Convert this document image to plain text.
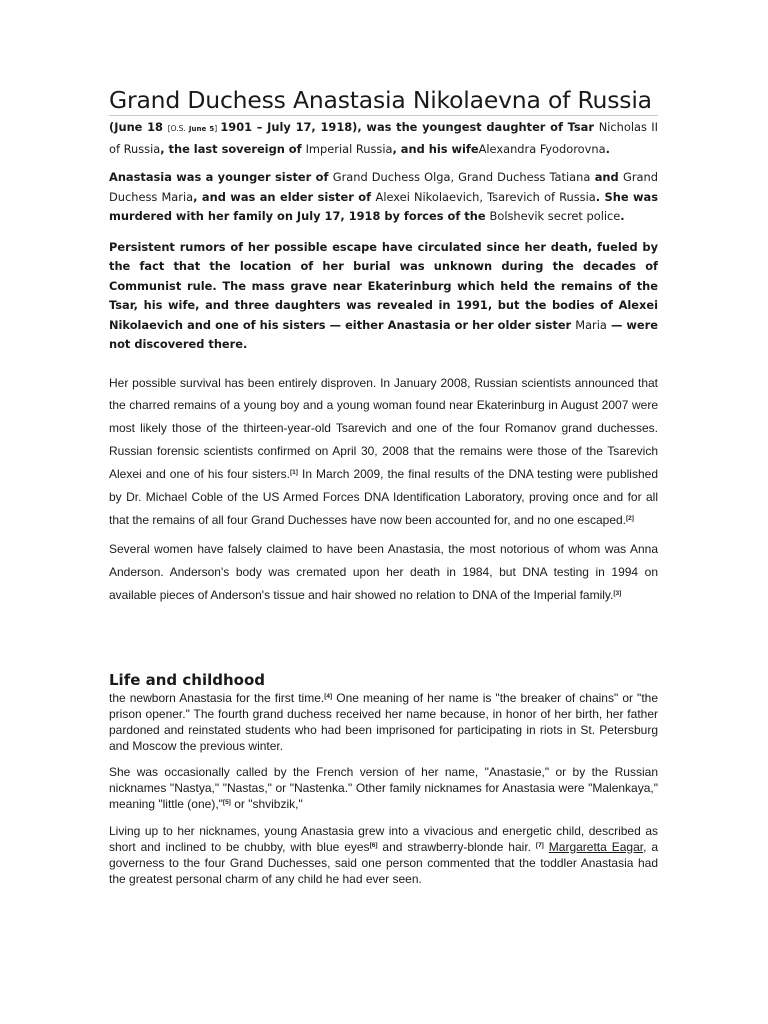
Grand Duchess Anastasia Nikolaevna of Russia

(June 18 [O.S. June 5] 1901 – July 17, 1918), was the youngest daughter of Tsar Nicholas II of Russia, the last sovereign of Imperial Russia, and his wifeAlexandra Fyodorovna.

Anastasia was a younger sister of Grand Duchess Olga, Grand Duchess Tatiana and Grand Duchess Maria, and was an elder sister of Alexei Nikolaevich, Tsarevich of Russia. She was murdered with her family on July 17, 1918 by forces of the Bolshevik secret police.

Persistent rumors of her possible escape have circulated since her death, fueled by the fact that the location of her burial was unknown during the decades of Communist rule. The mass grave near Ekaterinburg which held the remains of the Tsar, his wife, and three daughters was revealed in 1991, but the bodies of Alexei Nikolaevich and one of his sisters — either Anastasia or her older sister Maria — were not discovered there.

Her possible survival has been entirely disproven. In January 2008, Russian scientists announced that the charred remains of a young boy and a young woman found near Ekaterinburg in August 2007 were most likely those of the thirteen-year-old Tsarevich and one of the four Romanov grand duchesses. Russian forensic scientists confirmed on April 30, 2008 that the remains were those of the Tsarevich Alexei and one of his four sisters.[1] In March 2009, the final results of the DNA testing were published by Dr. Michael Coble of the US Armed Forces DNA Identification Laboratory, proving once and for all that the remains of all four Grand Duchesses have now been accounted for, and no one escaped.[2]

Several women have falsely claimed to have been Anastasia, the most notorious of whom was Anna Anderson. Anderson's body was cremated upon her death in 1984, but DNA testing in 1994 on available pieces of Anderson's tissue and hair showed no relation to DNA of the Imperial family.[3]

Life and childhood

the newborn Anastasia for the first time.[4] One meaning of her name is "the breaker of chains" or "the prison opener." The fourth grand duchess received her name because, in honor of her birth, her father pardoned and reinstated students who had been imprisoned for participating in riots in St. Petersburg and Moscow the previous winter.

She was occasionally called by the French version of her name, "Anastasie," or by the Russian nicknames "Nastya," "Nastas," or "Nastenka." Other family nicknames for Anastasia were "Malenkaya," meaning "little (one),"[5] or "shvibzik,"

Living up to her nicknames, young Anastasia grew into a vivacious and energetic child, described as short and inclined to be chubby, with blue eyes[6] and strawberry-blonde hair. [7] Margaretta Eagar, a governess to the four Grand Duchesses, said one person commented that the toddler Anastasia had the greatest personal charm of any child he had ever seen.
